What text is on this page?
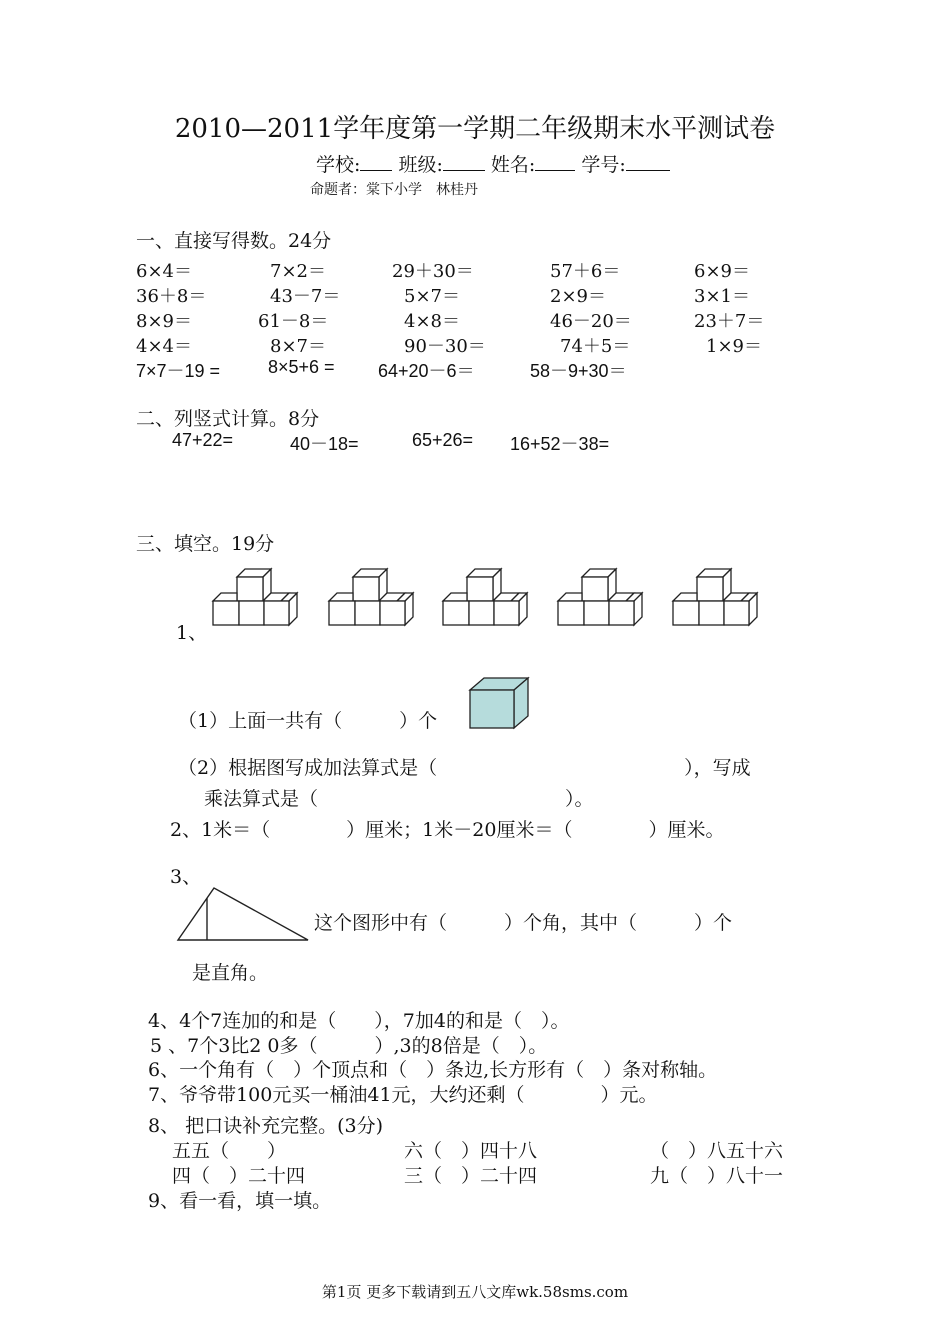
2010—2011学年度第一学期二年级期末水平测试卷
学校: 班级:	姓名: 学号:
命题者：棠下小学　林桂丹
一、直接写得数。24分
6×4＝	7×2＝	29＋30＝	57＋6＝	6×9＝
36＋8＝	43－7＝	5×7＝	2×9＝	3×1＝
8×9＝	61－8＝	4×8＝	46－20＝	23＋7＝
4×4＝	8×7＝	90－30＝	74＋5＝	1×9＝
7×7－19 =	8×5+6 = 64+20－6＝	58－9+30＝
二、列竖式计算。8分
47+22=	40－18=	65+26= 16+52－38=
三、填空。19分
1、
（1）上面一共有（　　　）个
（2）根据图写成加法算式是（　　　　　　　　　　　　　），写成
乘法算式是（　　　　　　　　　　　　　）。
2、1米＝（　　　　）厘米；1米－20厘米＝（　　　　）厘米。
3、
这个图形中有（　　　）个角，其中（　　　）个
是直角。
4、4个7连加的和是（　　），7加4的和是（　）。
5 、7个3比2 0多（　　　）,3的8倍是（　）。
6、一个角有（　）个顶点和（　）条边,长方形有（　）条对称轴。
7、爷爷带100元买一桶油41元，大约还剩（　　　　）元。
8、 把口诀补充完整。(3分)
五五（　　）	六（　）四十八	（　）八五十六
四（　）二十四	三（　）二十四	九（　）八十一
9、看一看，填一填。
第1页 更多下载请到五八文库wk.58sms.com
